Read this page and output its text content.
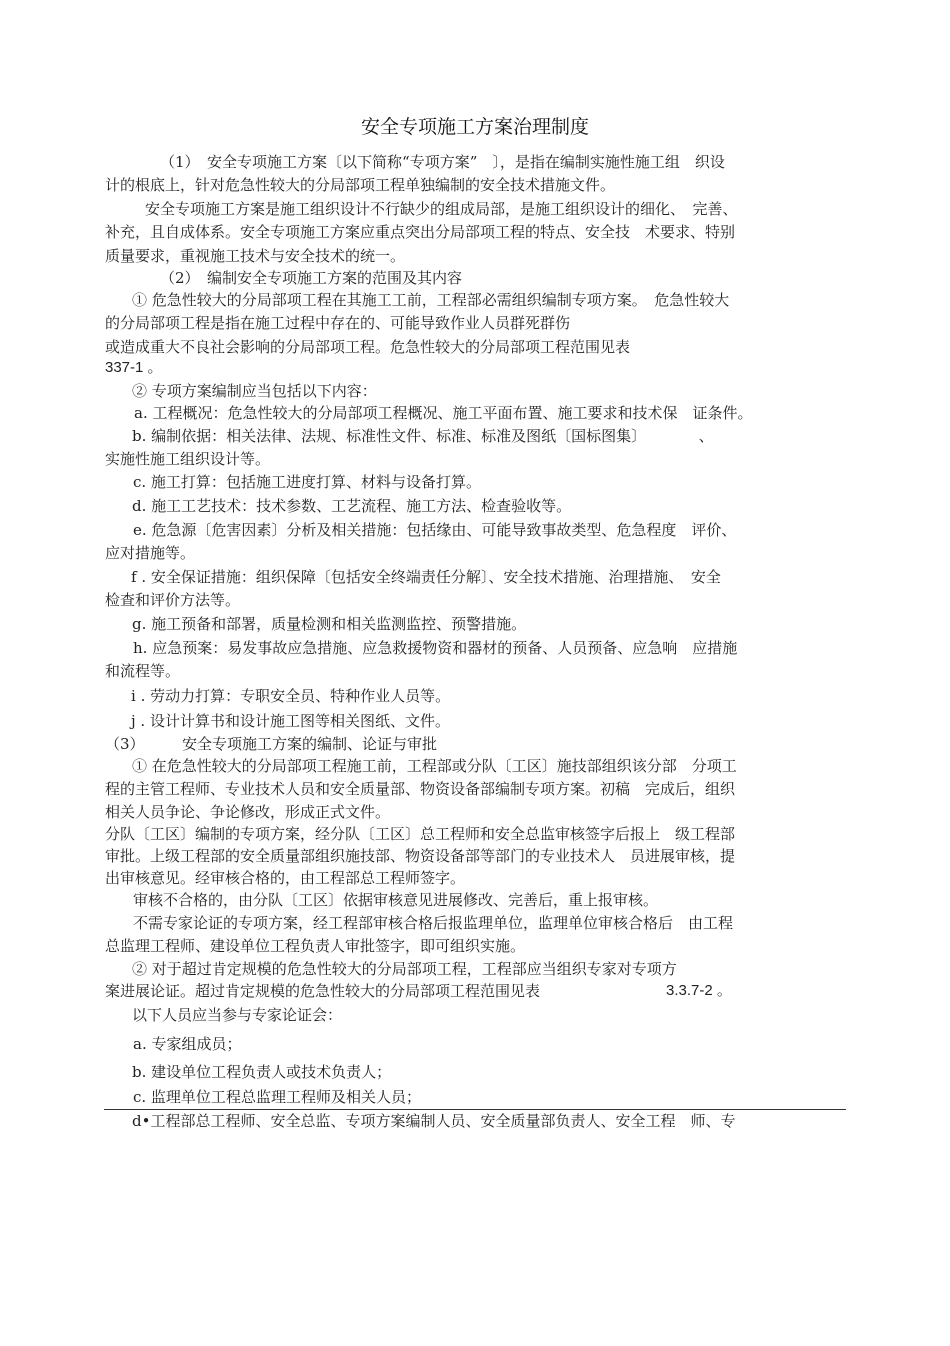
安全专项施工方案治理制度
（1）　安全专项施工方案〔以下简称“专项方案”　〕，是指在编制实施性施工组　织设
计的根底上，针对危急性较大的分局部项工程单独编制的安全技术措施文件。
安全专项施工方案是施工组织设计不行缺少的组成局部，是施工组织设计的细化、　完善、
补充，且自成体系。安全专项施工方案应重点突出分局部项工程的特点、安全技　术要求、特别
质量要求，重视施工技术与安全技术的统一。
（2）　编制安全专项施工方案的范围及其内容
① 危急性较大的分局部项工程在其施工工前，工程部必需组织编制专项方案。　危急性较大
的分局部项工程是指在施工过程中存在的、可能导致作业人员群死群伤
或造成重大不良社会影响的分局部项工程。危急性较大的分局部项工程范围见表
337-1 。
② 专项方案编制应当包括以下内容：
a. 工程概况：危急性较大的分局部项工程概况、施工平面布置、施工要求和技术保　证条件。
b. 编制依据：相关法律、法规、标准性文件、标准、标准及图纸〔国标图集〕　　　　、
实施性施工组织设计等。
c. 施工打算：包括施工进度打算、材料与设备打算。
d. 施工工艺技术：技术参数、工艺流程、施工方法、检查验收等。
e. 危急源〔危害因素〕分析及相关措施：包括缘由、可能导致事故类型、危急程度　评价、
应对措施等。
f . 安全保证措施：组织保障〔包括安全终端责任分解〕、安全技术措施、治理措施、　安全
检查和评价方法等。
g. 施工预备和部署，质量检测和相关监测监控、预警措施。
h. 应急预案：易发事故应急措施、应急救援物资和器材的预备、人员预备、应急响　应措施
和流程等。
i . 劳动力打算：专职安全员、特种作业人员等。
j . 设计计算书和设计施工图等相关图纸、文件。
（3）　　　安全专项施工方案的编制、论证与审批
① 在危急性较大的分局部项工程施工前，工程部或分队〔工区〕施技部组织该分部　分项工
程的主管工程师、专业技术人员和安全质量部、物资设备部编制专项方案。初稿　完成后，组织
相关人员争论、争论修改，形成正式文件。
分队〔工区〕编制的专项方案，经分队〔工区〕总工程师和安全总监审核签字后报上　级工程部
审批。上级工程部的安全质量部组织施技部、物资设备部等部门的专业技术人　员进展审核，提
出审核意见。经审核合格的，由工程部总工程师签字。
审核不合格的，由分队〔工区〕依据审核意见进展修改、完善后，重上报审核。
不需专家论证的专项方案，经工程部审核合格后报监理单位，监理单位审核合格后　由工程
总监理工程师、建设单位工程负责人审批签字，即可组织实施。
② 对于超过肯定规模的危急性较大的分局部项工程，工程部应当组织专家对专项方
案进展论证。超过肯定规模的危急性较大的分局部项工程范围见表	3.3.7-2 。
以下人员应当参与专家论证会：
a. 专家组成员；
b. 建设单位工程负责人或技术负责人；
c. 监理单位工程总监理工程师及相关人员；
d•工程部总工程师、安全总监、专项方案编制人员、安全质量部负责人、安全工程　师、专
